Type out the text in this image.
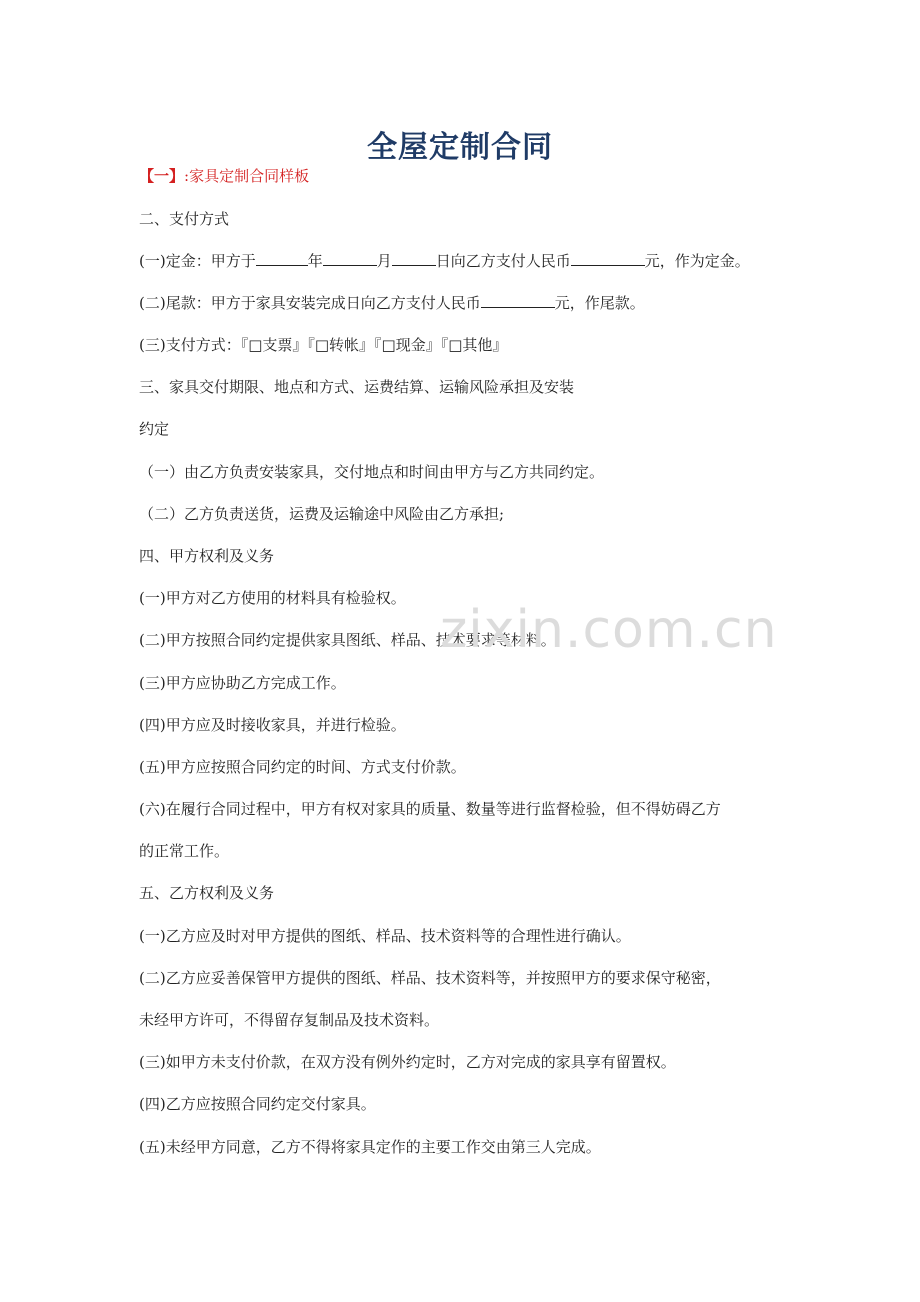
全屋定制合同
【一】:家具定制合同样板
二、支付方式
(一)定金：甲方于	年	月	日向乙方支付人民币	元，作为定金。
(二)尾款：甲方于家具安装完成日向乙方支付人民币	元，作尾款。
(三)支付方式：『□支票』『□转帐』『□现金』『□其他』
三、家具交付期限、地点和方式、运费结算、运输风险承担及安装
约定
（一）由乙方负责安装家具，交付地点和时间由甲方与乙方共同约定。
（二）乙方负责送货，运费及运输途中风险由乙方承担;
四、甲方权利及义务
(一)甲方对乙方使用的材料具有检验权。
(二)甲方按照合同约定提供家具图纸、样品、技术要求等材料。
(三)甲方应协助乙方完成工作。
(四)甲方应及时接收家具，并进行检验。
(五)甲方应按照合同约定的时间、方式支付价款。
(六)在履行合同过程中，甲方有权对家具的质量、数量等进行监督检验，但不得妨碍乙方
的正常工作。
五、乙方权利及义务
(一)乙方应及时对甲方提供的图纸、样品、技术资料等的合理性进行确认。
(二)乙方应妥善保管甲方提供的图纸、样品、技术资料等，并按照甲方的要求保守秘密，
未经甲方许可，不得留存复制品及技术资料。
(三)如甲方未支付价款，在双方没有例外约定时，乙方对完成的家具享有留置权。
(四)乙方应按照合同约定交付家具。
(五)未经甲方同意，乙方不得将家具定作的主要工作交由第三人完成。
zixin.com.cn
